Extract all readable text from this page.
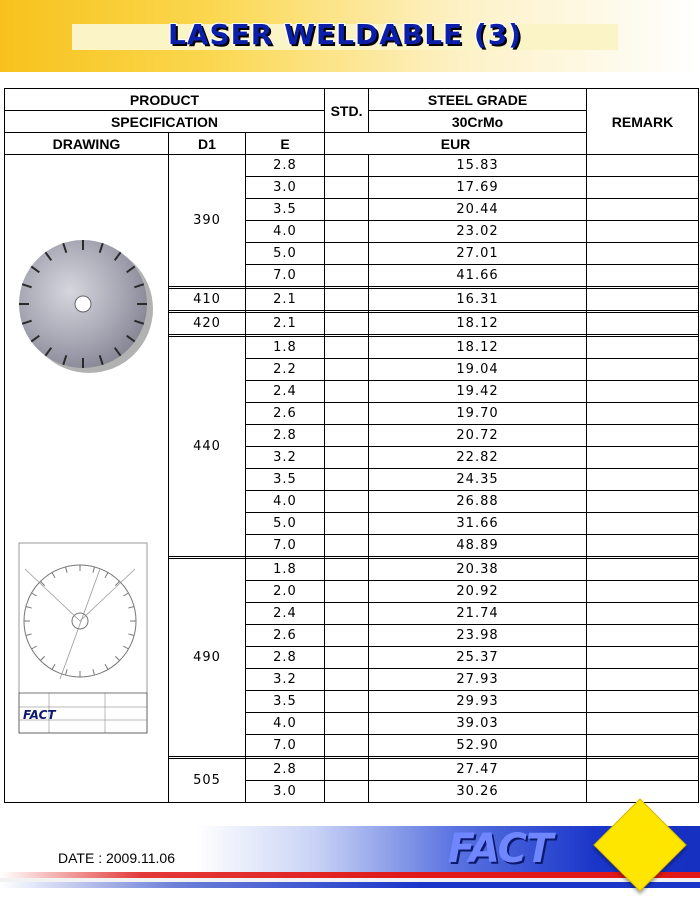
LASER WELDABLE (3)
PRODUCT			STD.	STEEL GRADE	REMARK
SPECIFICATION				30CrMo	
DRAWING	D1	E	EUR		

FACT	390	2.8		15.83	
		3.0		17.69	
		3.5		20.44	
		4.0		23.02	
		5.0		27.01	
		7.0		41.66	

	410	2.1		16.31	

	420	2.1		18.12	

	440	1.8		18.12	
		2.2		19.04	
		2.4		19.42	
		2.6		19.70	
		2.8		20.72	
		3.2		22.82	
		3.5		24.35	
		4.0		26.88	
		5.0		31.66	
		7.0		48.89	

	490	1.8		20.38	
		2.0		20.92	
		2.4		21.74	
		2.6		23.98	
		2.8		25.37	
		3.2		27.93	
		3.5		29.93	
		4.0		39.03	
		7.0		52.90	

	505	2.8		27.47	
		3.0		30.26	
DATE : 2009.11.06	FACT
